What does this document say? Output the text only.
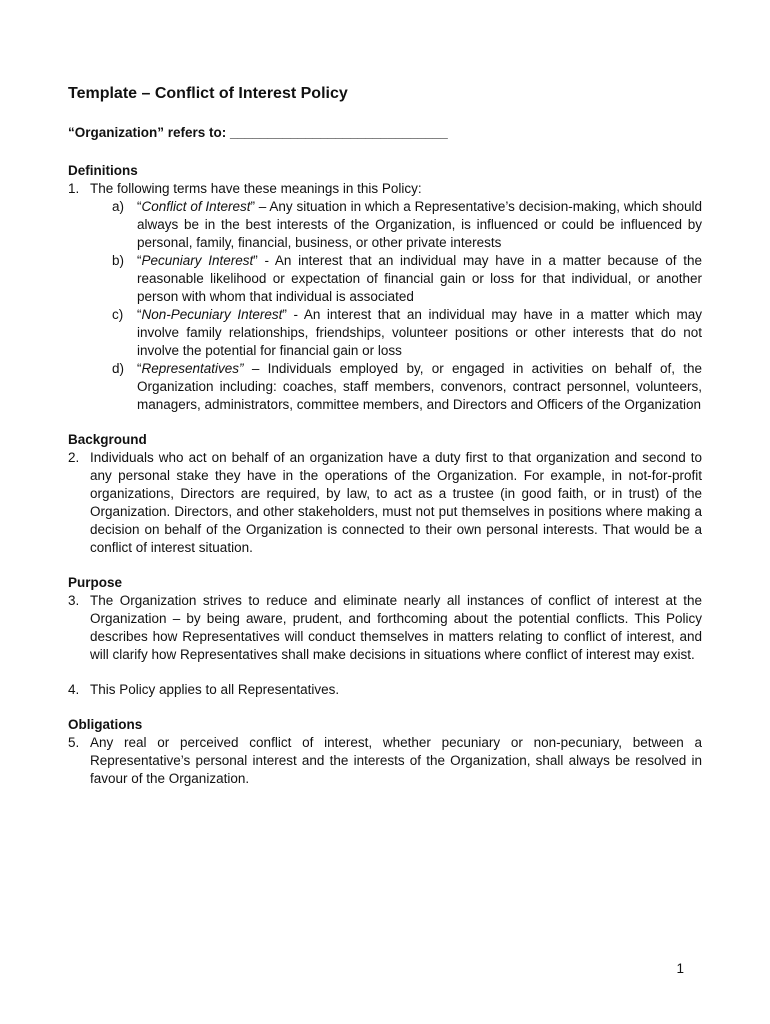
Template – Conflict of Interest Policy
“Organization” refers to: _____________________________
Definitions
1. The following terms have these meanings in this Policy:
a) “Conflict of Interest” – Any situation in which a Representative’s decision-making, which should always be in the best interests of the Organization, is influenced or could be influenced by personal, family, financial, business, or other private interests
b) “Pecuniary Interest” - An interest that an individual may have in a matter because of the reasonable likelihood or expectation of financial gain or loss for that individual, or another person with whom that individual is associated
c) “Non-Pecuniary Interest” - An interest that an individual may have in a matter which may involve family relationships, friendships, volunteer positions or other interests that do not involve the potential for financial gain or loss
d) “Representatives” – Individuals employed by, or engaged in activities on behalf of, the Organization including: coaches, staff members, convenors, contract personnel, volunteers, managers, administrators, committee members, and Directors and Officers of the Organization
Background
2. Individuals who act on behalf of an organization have a duty first to that organization and second to any personal stake they have in the operations of the Organization. For example, in not-for-profit organizations, Directors are required, by law, to act as a trustee (in good faith, or in trust) of the Organization. Directors, and other stakeholders, must not put themselves in positions where making a decision on behalf of the Organization is connected to their own personal interests. That would be a conflict of interest situation.
Purpose
3. The Organization strives to reduce and eliminate nearly all instances of conflict of interest at the Organization – by being aware, prudent, and forthcoming about the potential conflicts. This Policy describes how Representatives will conduct themselves in matters relating to conflict of interest, and will clarify how Representatives shall make decisions in situations where conflict of interest may exist.
4. This Policy applies to all Representatives.
Obligations
5. Any real or perceived conflict of interest, whether pecuniary or non-pecuniary, between a Representative’s personal interest and the interests of the Organization, shall always be resolved in favour of the Organization.
1
